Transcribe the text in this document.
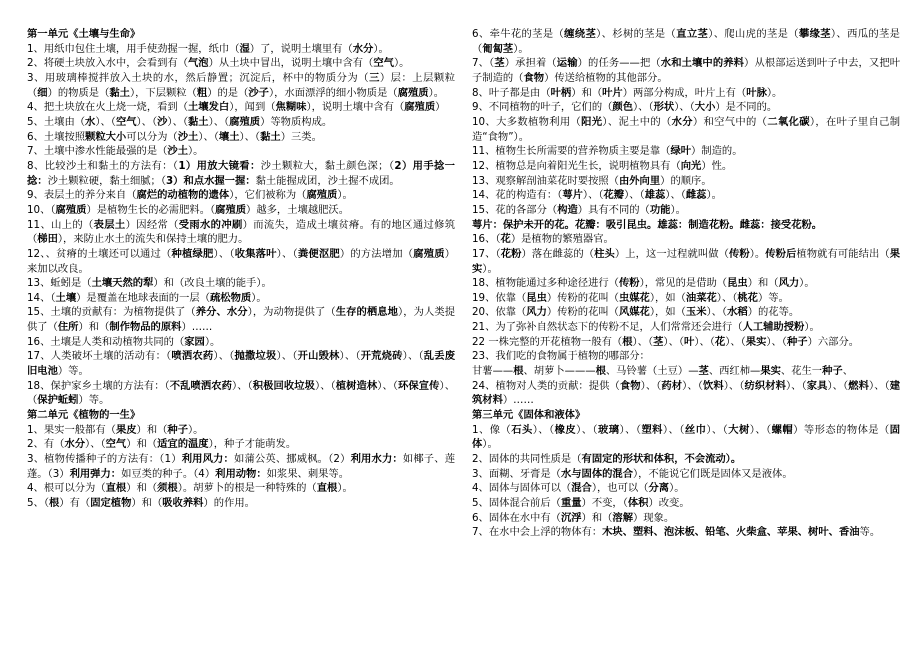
第一单元《土壤与生命》

1、用纸巾包住土壤，用手使劲握一握，纸巾（湿）了，说明土壤里有（水分）。

2、将硬土块放入水中，会看到有（气泡）从土块中冒出，说明土壤中含有（空气）。

3、用玻璃棒搅拌放入土块的水，然后静置；沉淀后，杯中的物质分为（三）层：上层颗粒（细）的物质是（黏土），下层颗粒（粗）的是（沙子），水面漂浮的细小物质是（腐殖质）。

4、把土块放在火上烧一烧，看到（土壤发白），闻到（焦糊味），说明土壤中含有（腐殖质）

5、土壤由（水）、（空气）、（沙）、（黏土）、（腐殖质）等物质构成。

6、土壤按照颗粒大小可以分为（沙土）、（壤土）、（黏土）三类。

7、土壤中渗水性能最强的是（沙土）。

8、比较沙土和黏土的方法有：（1）用放大镜看：沙土颗粒大，黏土颜色深；（2）用手捻一捻：沙土颗粒硬，黏土细腻；（3）和点水握一握：黏土能握成团，沙土握不成团。

9、表层土的养分来自（腐烂的动植物的遗体），它们被称为（腐殖质）。

10、（腐殖质）是植物生长的必需肥料。（腐殖质）越多，土壤越肥沃。

11、山上的（表层土）因经常（受雨水的冲刷）而流失，造成土壤贫瘠。有的地区通过修筑（梯田），来防止水土的流失和保持土壤的肥力。

12、、贫瘠的土壤还可以通过（种植绿肥）、（收集落叶）、（粪便沤肥）的方法增加（腐殖质）来加以改良。

13、蚯蚓是（土壤天然的犁）和（改良土壤的能手）。

14、（土壤）是覆盖在地球表面的一层（疏松物质）。

15、土壤的贡献有：为植物提供了（养分、水分），为动物提供了（生存的栖息地），为人类提供了（住所）和（制作物品的原料）……

16、土壤是人类和动植物共同的（家园）。

17、人类破坏土壤的活动有：（喷洒农药）、（抛撒垃圾）、（开山毁林）、（开荒烧砖）、（乱丢废旧电池）等。

18、保护家乡土壤的方法有：（不乱喷洒农药）、（积极回收垃圾）、（植树造林）、（环保宣传）、（保护蚯蚓）等。

第二单元《植物的一生》

1、果实一般都有（果皮）和（种子）。

2、有（水分）、（空气）和（适宜的温度），种子才能萌发。

3、植物传播种子的方法有：（1）利用风力：如蒲公英、挪威枫。（2）利用水力：如椰子、莲蓬。（3）利用弹力：如豆类的种子。（4）利用动物：如浆果、刺果等。

4、根可以分为（直根）和（须根）。胡萝卜的根是一种特殊的（直根）。

5、（根）有（固定植物）和（吸收养料）的作用。

6、牵牛花的茎是（缠绕茎）、杉树的茎是（直立茎）、爬山虎的茎是（攀缘茎）、西瓜的茎是（匍匐茎）。

7、（茎）承担着（运输）的任务——把（水和土壤中的养料）从根部运送到叶子中去，又把叶子制造的（食物）传送给植物的其他部分。

8、叶子都是由（叶柄）和（叶片）两部分构成，叶片上有（叶脉）。

9、不同植物的叶子，它们的（颜色）、（形状）、（大小）是不同的。

10、大多数植物利用（阳光）、泥土中的（水分）和空气中的（二氧化碳），在叶子里自己制造“食物”）。

11、植物生长所需要的营养物质主要是靠（绿叶）制造的。

12、植物总是向着阳光生长，说明植物具有（向光）性。

13、观察解剖油菜花时要按照（由外向里）的顺序。

14、花的构造有：（萼片）、（花瓣）、（雄蕊）、（雌蕊）。

15、花的各部分（构造）具有不同的（功能）。

萼片：保护未开的花。花瓣：吸引昆虫。雄蕊：制造花粉。雌蕊：接受花粉。

16、（花）是植物的繁殖器官。

17、（花粉）落在雌蕊的（柱头）上，这一过程就叫做（传粉）。传粉后植物就有可能结出（果实）。

18、植物能通过多种途径进行（传粉），常见的是借助（昆虫）和（风力）。

19、依靠（昆虫）传粉的花叫（虫媒花），如（油菜花）、（桃花）等。

20、依靠（风力）传粉的花叫（风媒花），如（玉米）、（水稻）的花等。

21、为了弥补自然状态下的传粉不足，人们常常还会进行（人工辅助授粉）。

22 一株完整的开花植物一般有（根）、（茎）、（叶）、（花）、（果实）、（种子）六部分。

23、我们吃的食物属于植物的哪部分：

甘薯——根、胡萝卜———根、马铃薯（土豆）—茎、西红柿—果实、花生一种子、

24、植物对人类的贡献：提供（食物）、（药材）、（饮料）、（纺织材料）、（家具）、（燃料）、（建筑材料）……

第三单元《固体和液体》

1、像（石头）、（橡皮）、（玻璃）、（塑料）、（丝巾）、（大树）、（螺帽）等形态的物体是（固体）。

2、固体的共同性质是（有固定的形状和体积，不会流动）。

3、面糊、牙膏是（水与固体的混合），不能说它们既是固体又是液体。

4、固体与固体可以（混合），也可以（分离）。

5、固体混合前后（重量）不变，（体积）改变。

6、固体在水中有（沉浮）和（溶解）现象。

7、在水中会上浮的物体有：木块、塑料、泡沫板、铅笔、火柴盒、苹果、树叶、香油等。
